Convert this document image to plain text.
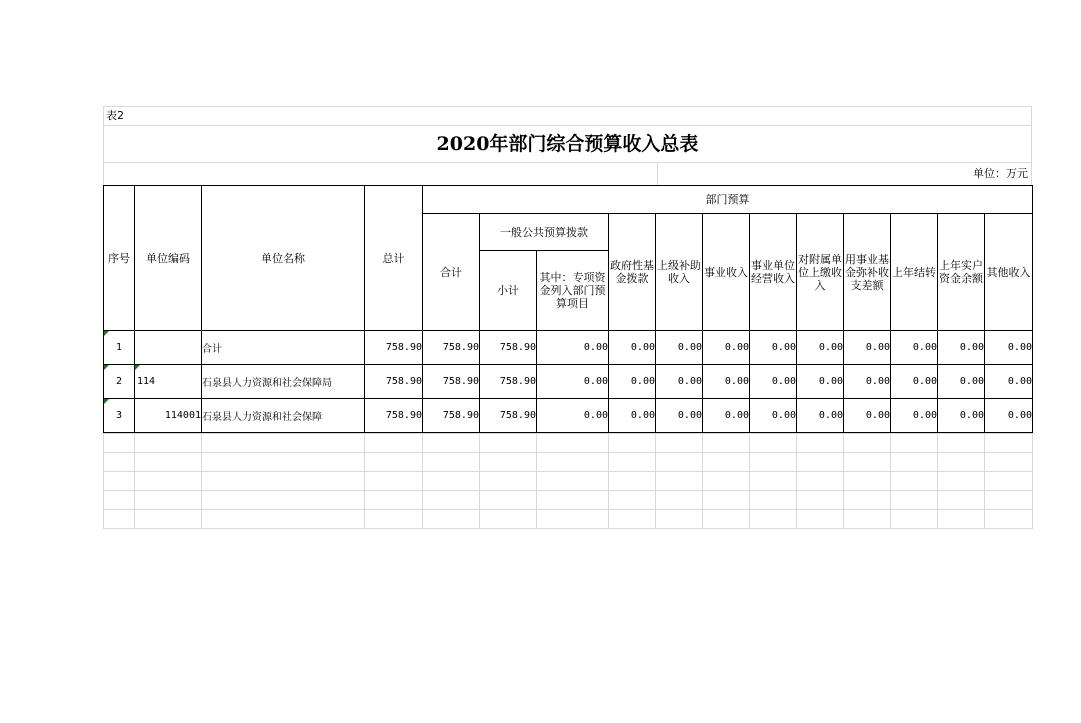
表2
2020年部门综合预算收入总表
单位：万元
序号	单位编码	单位名称	总计	部门预算											
				合计	一般公共预算拨款		政府性基金拨款	上级补助收入	事业收入	事业单位经营收入	对附属单位上缴收入	用事业基金弥补收支差额	上年结转	上年实户资金余额	其他收入
					小计	其中：专项资金列入部门预算项目									
1		合计	758.90	758.90	758.90	0.00	0.00	0.00	0.00	0.00	0.00	0.00	0.00	0.00	0.00
2	114	石泉县人力资源和社会保障局	758.90	758.90	758.90	0.00	0.00	0.00	0.00	0.00	0.00	0.00	0.00	0.00	0.00
3	114001	石泉县人力资源和社会保障	758.90	758.90	758.90	0.00	0.00	0.00	0.00	0.00	0.00	0.00	0.00	0.00	0.00
